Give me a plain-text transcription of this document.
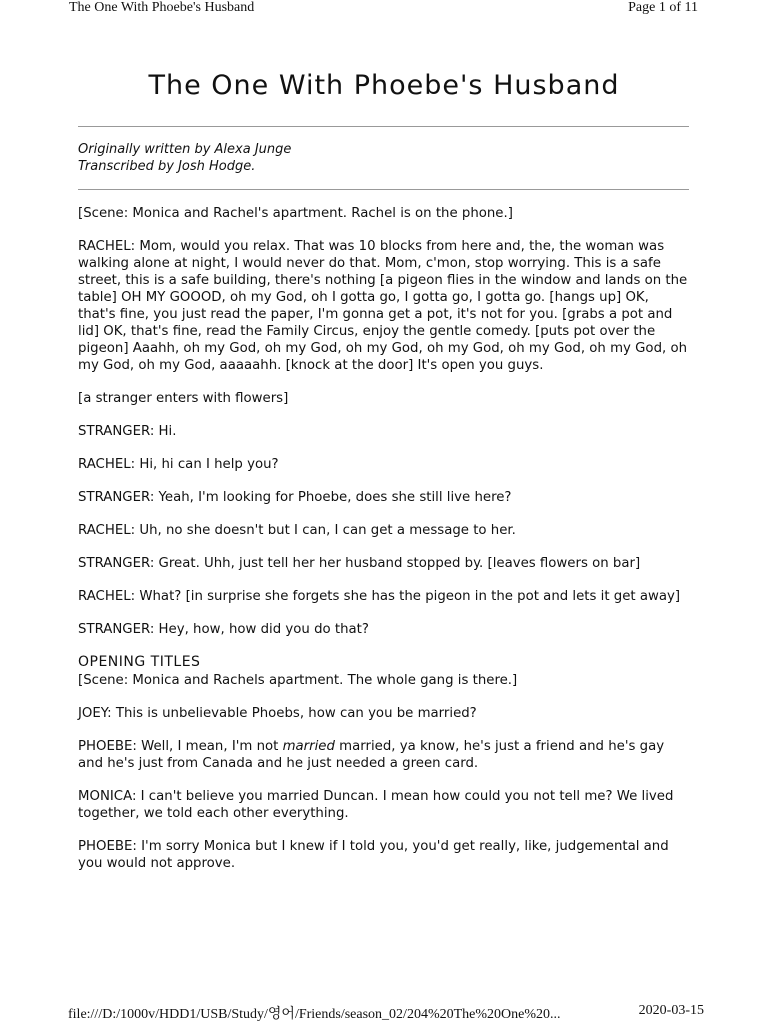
The One With Phoebe's Husband	Page 1 of 11
The One With Phoebe's Husband
Originally written by Alexa Junge
Transcribed by Josh Hodge.

[Scene: Monica and Rachel's apartment. Rachel is on the phone.]

RACHEL: Mom, would you relax. That was 10 blocks from here and, the, the woman was walking alone at night, I would never do that. Mom, c'mon, stop worrying. This is a safe street, this is a safe building, there's nothing [a pigeon flies in the window and lands on the table] OH MY GOOOD, oh my God, oh I gotta go, I gotta go, I gotta go. [hangs up] OK, that's fine, you just read the paper, I'm gonna get a pot, it's not for you. [grabs a pot and lid] OK, that's fine, read the Family Circus, enjoy the gentle comedy. [puts pot over the pigeon] Aaahh, oh my God, oh my God, oh my God, oh my God, oh my God, oh my God, oh my God, oh my God, aaaaahh. [knock at the door] It's open you guys.

[a stranger enters with flowers]

STRANGER: Hi.

RACHEL: Hi, hi can I help you?

STRANGER: Yeah, I'm looking for Phoebe, does she still live here?

RACHEL: Uh, no she doesn't but I can, I can get a message to her.

STRANGER: Great. Uhh, just tell her her husband stopped by. [leaves flowers on bar]

RACHEL: What? [in surprise she forgets she has the pigeon in the pot and lets it get away]

STRANGER: Hey, how, how did you do that?

OPENING TITLES

[Scene: Monica and Rachels apartment. The whole gang is there.]

JOEY: This is unbelievable Phoebs, how can you be married?

PHOEBE: Well, I mean, I'm not married married, ya know, he's just a friend and he's gay and he's just from Canada and he just needed a green card.

MONICA: I can't believe you married Duncan. I mean how could you not tell me? We lived together, we told each other everything.

PHOEBE: I'm sorry Monica but I knew if I told you, you'd get really, like, judgemental and you would not approve.

file:///D:/1000v/HDD1/USB/Study/영어/Friends/season_02/204%20The%20One%20...	2020-03-15
